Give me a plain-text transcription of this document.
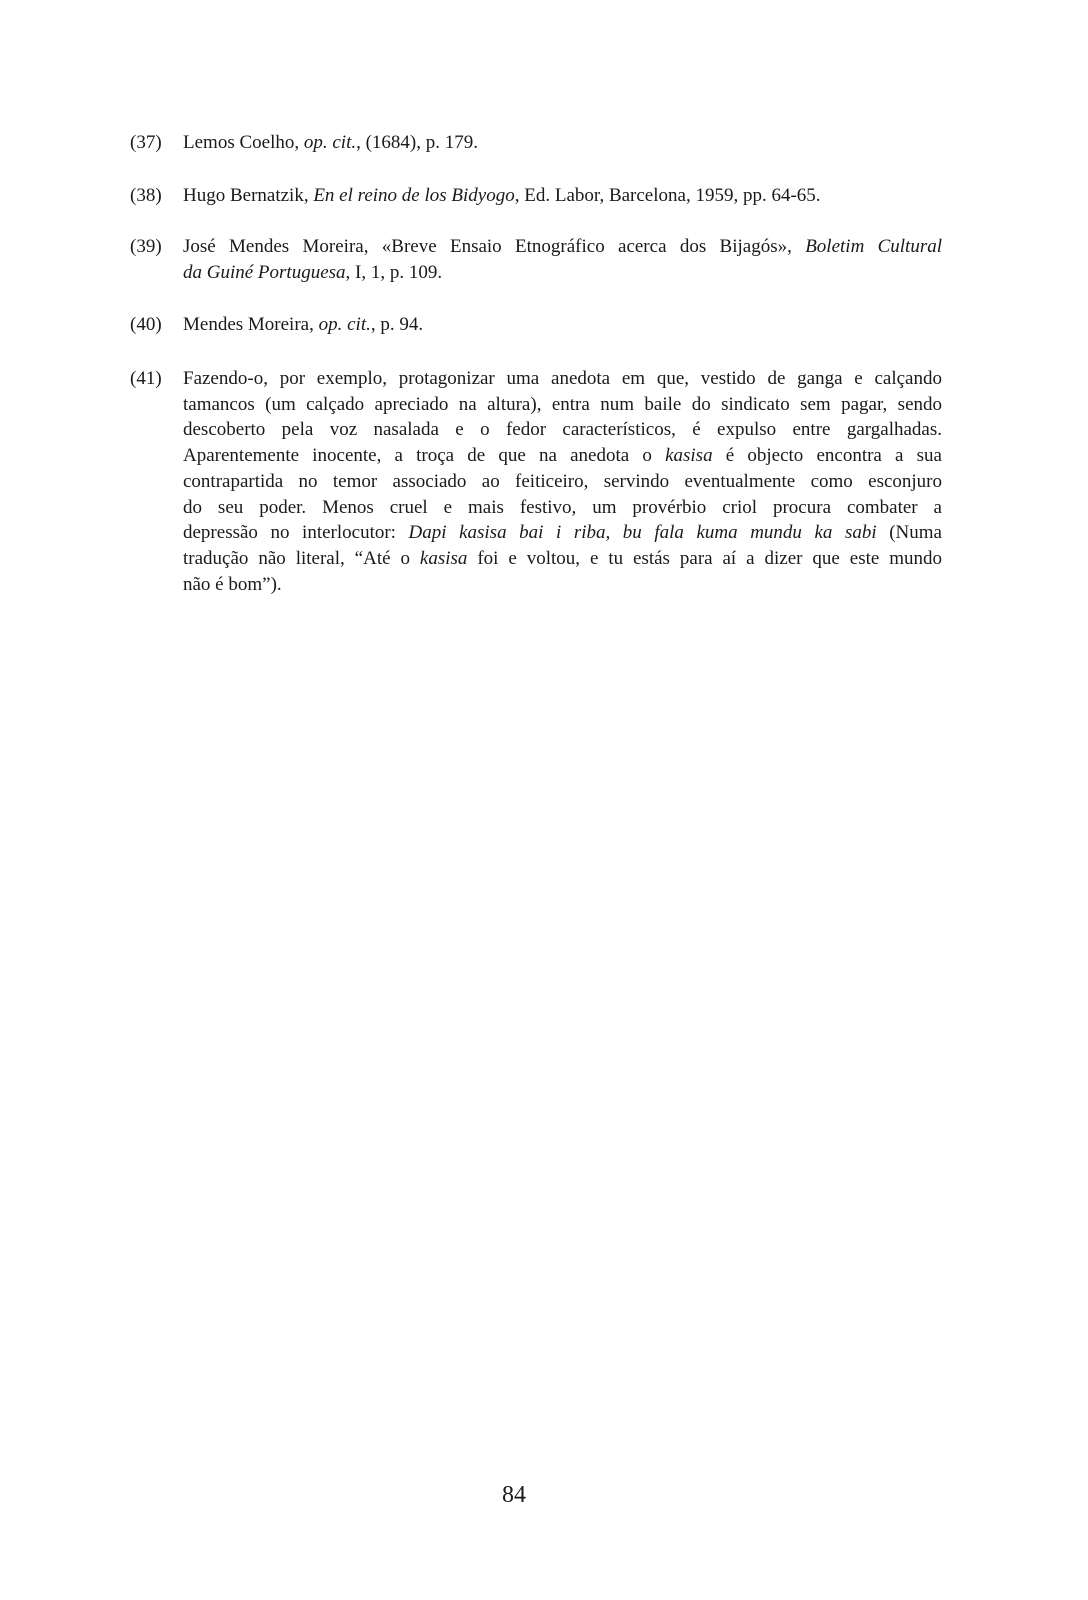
(37) Lemos Coelho, op. cit., (1684), p. 179.
(38) Hugo Bernatzik, En el reino de los Bidyogo, Ed. Labor, Barcelona, 1959, pp. 64-65.
(39) José Mendes Moreira, «Breve Ensaio Etnográfico acerca dos Bijagós», Boletim Cultural
da Guiné Portuguesa, I, 1, p. 109.
(40) Mendes Moreira, op. cit., p. 94.
(41) Fazendo-o, por exemplo, protagonizar uma anedota em que, vestido de ganga e calçando
tamancos (um calçado apreciado na altura), entra num baile do sindicato sem pagar, sendo
descoberto pela voz nasalada e o fedor característicos, é expulso entre gargalhadas.
Aparentemente inocente, a troça de que na anedota o kasisa é objecto encontra a sua
contrapartida no temor associado ao feiticeiro, servindo eventualmente como esconjuro
do seu poder. Menos cruel e mais festivo, um provérbio criol procura combater a
depressão no interlocutor: Dapi kasisa bai i riba, bu fala kuma mundu ka sabi (Numa
tradução não literal, “Até o kasisa foi e voltou, e tu estás para aí a dizer que este mundo
não é bom”).
84
